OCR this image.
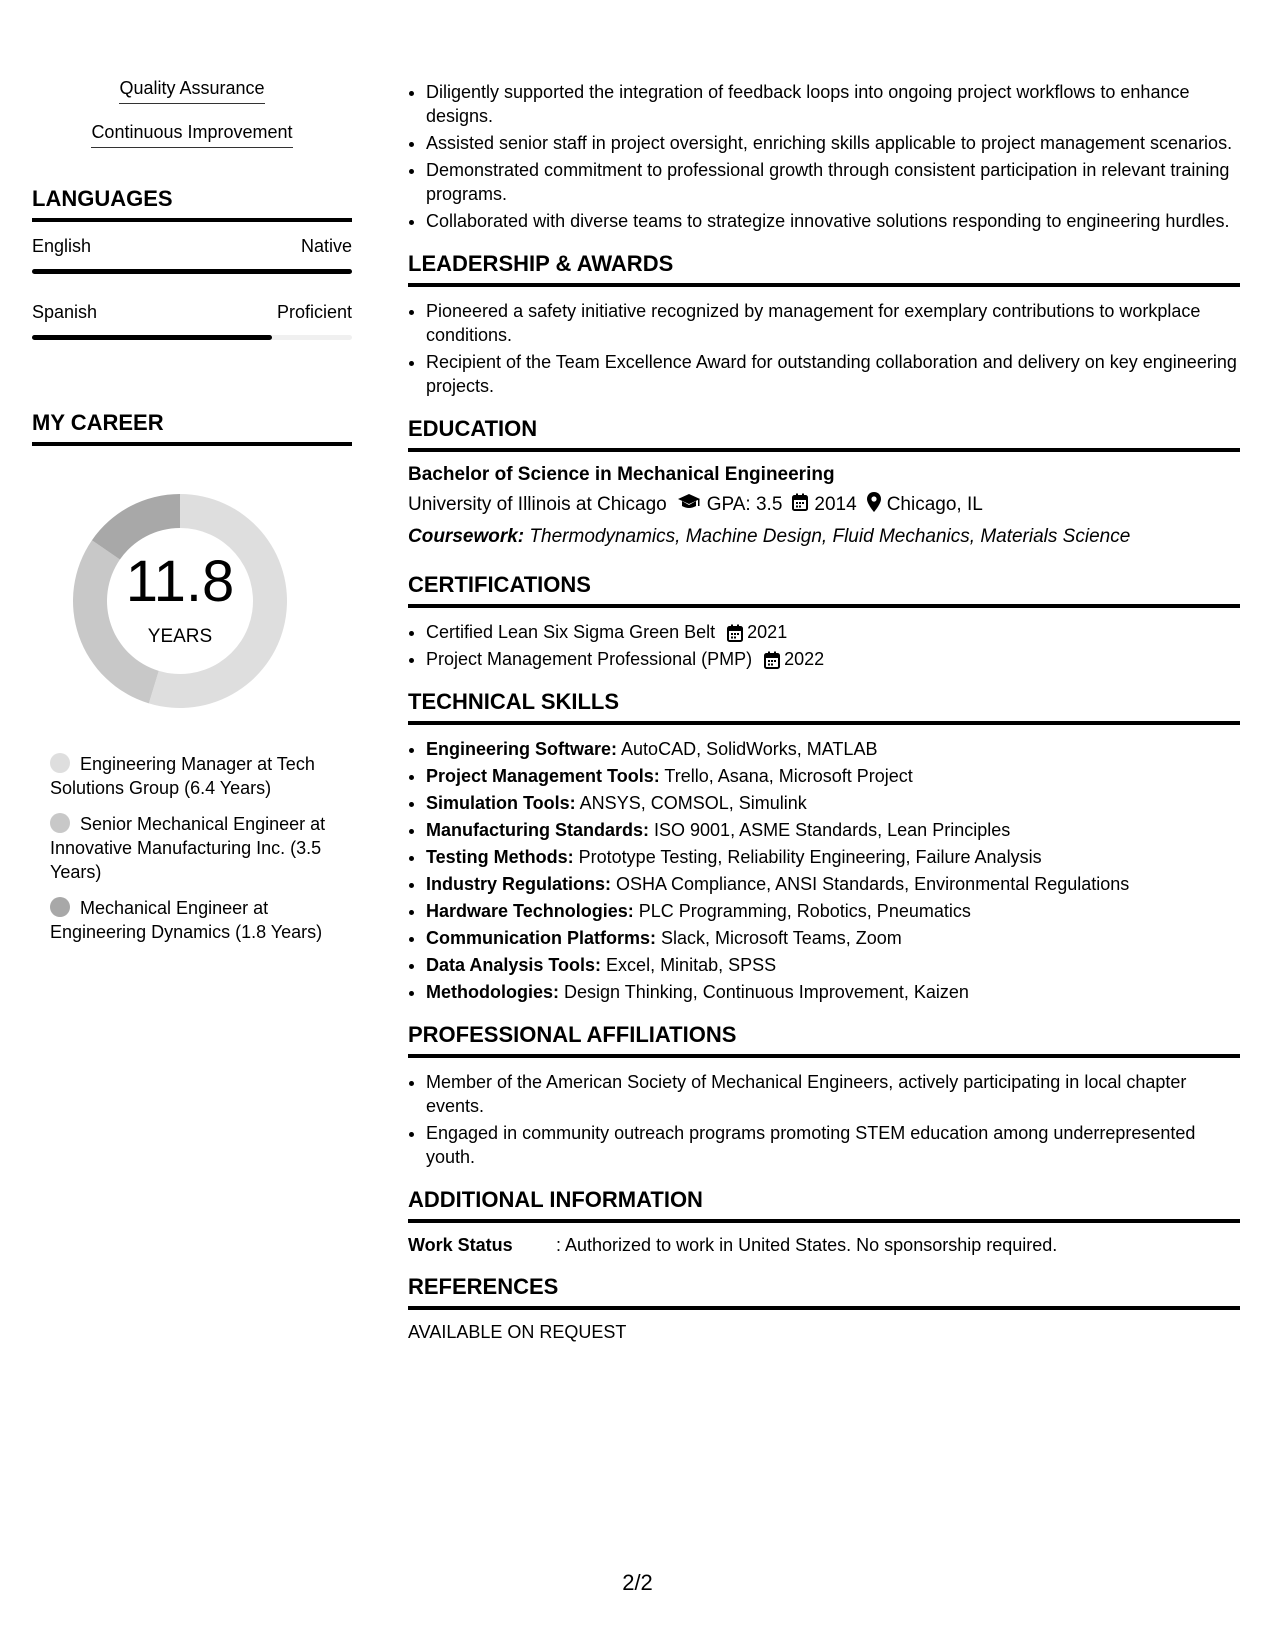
Quality Assurance
Continuous Improvement
LANGUAGES
English	Native
Spanish	Proficient
MY CAREER
11.8
YEARS
Engineering Manager at Tech Solutions Group (6.4 Years)
Senior Mechanical Engineer at Innovative Manufacturing Inc. (3.5 Years)
Mechanical Engineer at Engineering Dynamics (1.8 Years)
• Diligently supported the integration of feedback loops into ongoing project workflows to enhance designs.
• Assisted senior staff in project oversight, enriching skills applicable to project management scenarios.
• Demonstrated commitment to professional growth through consistent participation in relevant training programs.
• Collaborated with diverse teams to strategize innovative solutions responding to engineering hurdles.
LEADERSHIP & AWARDS
• Pioneered a safety initiative recognized by management for exemplary contributions to workplace conditions.
• Recipient of the Team Excellence Award for outstanding collaboration and delivery on key engineering projects.
EDUCATION
Bachelor of Science in Mechanical Engineering
University of Illinois at Chicago GPA: 3.5 2014 Chicago, IL
Coursework: Thermodynamics, Machine Design, Fluid Mechanics, Materials Science
CERTIFICATIONS
• Certified Lean Six Sigma Green Belt 2021
• Project Management Professional (PMP) 2022
TECHNICAL SKILLS
• Engineering Software: AutoCAD, SolidWorks, MATLAB
• Project Management Tools: Trello, Asana, Microsoft Project
• Simulation Tools: ANSYS, COMSOL, Simulink
• Manufacturing Standards: ISO 9001, ASME Standards, Lean Principles
• Testing Methods: Prototype Testing, Reliability Engineering, Failure Analysis
• Industry Regulations: OSHA Compliance, ANSI Standards, Environmental Regulations
• Hardware Technologies: PLC Programming, Robotics, Pneumatics
• Communication Platforms: Slack, Microsoft Teams, Zoom
• Data Analysis Tools: Excel, Minitab, SPSS
• Methodologies: Design Thinking, Continuous Improvement, Kaizen
PROFESSIONAL AFFILIATIONS
• Member of the American Society of Mechanical Engineers, actively participating in local chapter events.
• Engaged in community outreach programs promoting STEM education among underrepresented youth.
ADDITIONAL INFORMATION
Work Status	: Authorized to work in United States. No sponsorship required.
REFERENCES
AVAILABLE ON REQUEST
2/2
